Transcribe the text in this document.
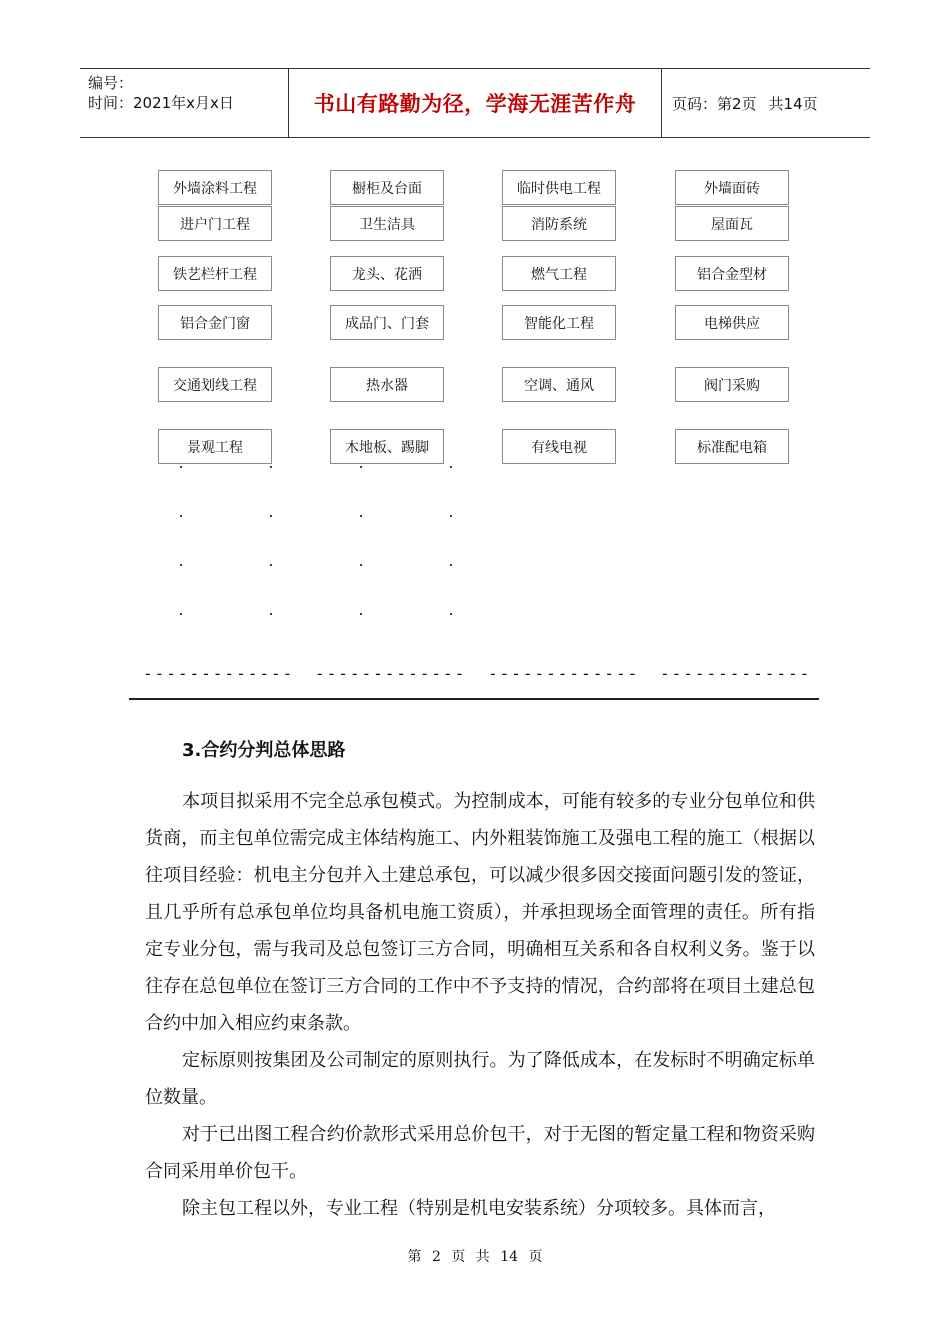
编号：
时间：2021年x月x日	书山有路勤为径，学海无涯苦作舟	页码：第2页 共14页
外墙涂料工程	橱柜及台面	临时供电工程	外墙面砖
进户门工程	卫生洁具	消防系统	屋面瓦
铁艺栏杆工程	龙头、花洒	燃气工程	铝合金型材
铝合金门窗	成品门、门套	智能化工程	电梯供应
交通划线工程	热水器	空调、通风	阀门采购
景观工程	木地板、踢脚	有线电视	标准配电箱
------------- ------------- ------------- -------------
3.合约分判总体思路

本项目拟采用不完全总承包模式。为控制成本，可能有较多的专业分包单位和供货商，而主包单位需完成主体结构施工、内外粗装饰施工及强电工程的施工（根据以往项目经验：机电主分包并入土建总承包，可以减少很多因交接面问题引发的签证，且几乎所有总承包单位均具备机电施工资质），并承担现场全面管理的责任。所有指定专业分包，需与我司及总包签订三方合同，明确相互关系和各自权利义务。鉴于以往存在总包单位在签订三方合同的工作中不予支持的情况，合约部将在项目土建总包合约中加入相应约束条款。

定标原则按集团及公司制定的原则执行。为了降低成本，在发标时不明确定标单位数量。

对于已出图工程合约价款形式采用总价包干，对于无图的暂定量工程和物资采购合同采用单价包干。

除主包工程以外，专业工程（特别是机电安装系统）分项较多。具体而言，

第 2 页 共 14 页
